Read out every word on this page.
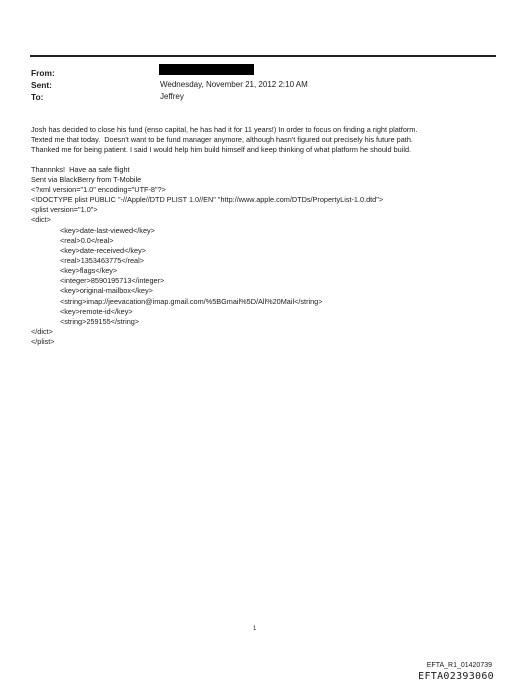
From:
Sent:	Wednesday, November 21, 2012 2:10 AM
To:	Jeffrey
Josh has decided to close his fund (enso capital, he has had it for 11 years!) In order to focus on finding a right platform.
Texted me that today.  Doesn't want to be fund manager anymore, although hasn't figured out precisely his future path.
Thanked me for being patient. I said I would help him build himself and keep thinking of what platform he should build.
Thannnks!  Have aa safe flight
Sent via BlackBerry from T-Mobile
<?xml version="1.0" encoding="UTF-8"?>
<!DOCTYPE plist PUBLIC "-//Apple//DTD PLIST 1.0//EN" "http://www.apple.com/DTDs/PropertyList-1.0.dtd">
<plist version="1.0">
<dict>
<key>date-last-viewed</key>
<real>0.0</real>
<key>date-received</key>
<real>1353463775</real>
<key>flags</key>
<integer>8590195713</integer>
<key>original-mailbox</key>
<string>imap://jeevacation@imap.gmail.com/%5BGmail%5D/All%20Mail</string>
<key>remote-id</key>
<string>259155</string>
</dict>
</plist>
1
EFTA_R1_01420739
EFTA02393060
